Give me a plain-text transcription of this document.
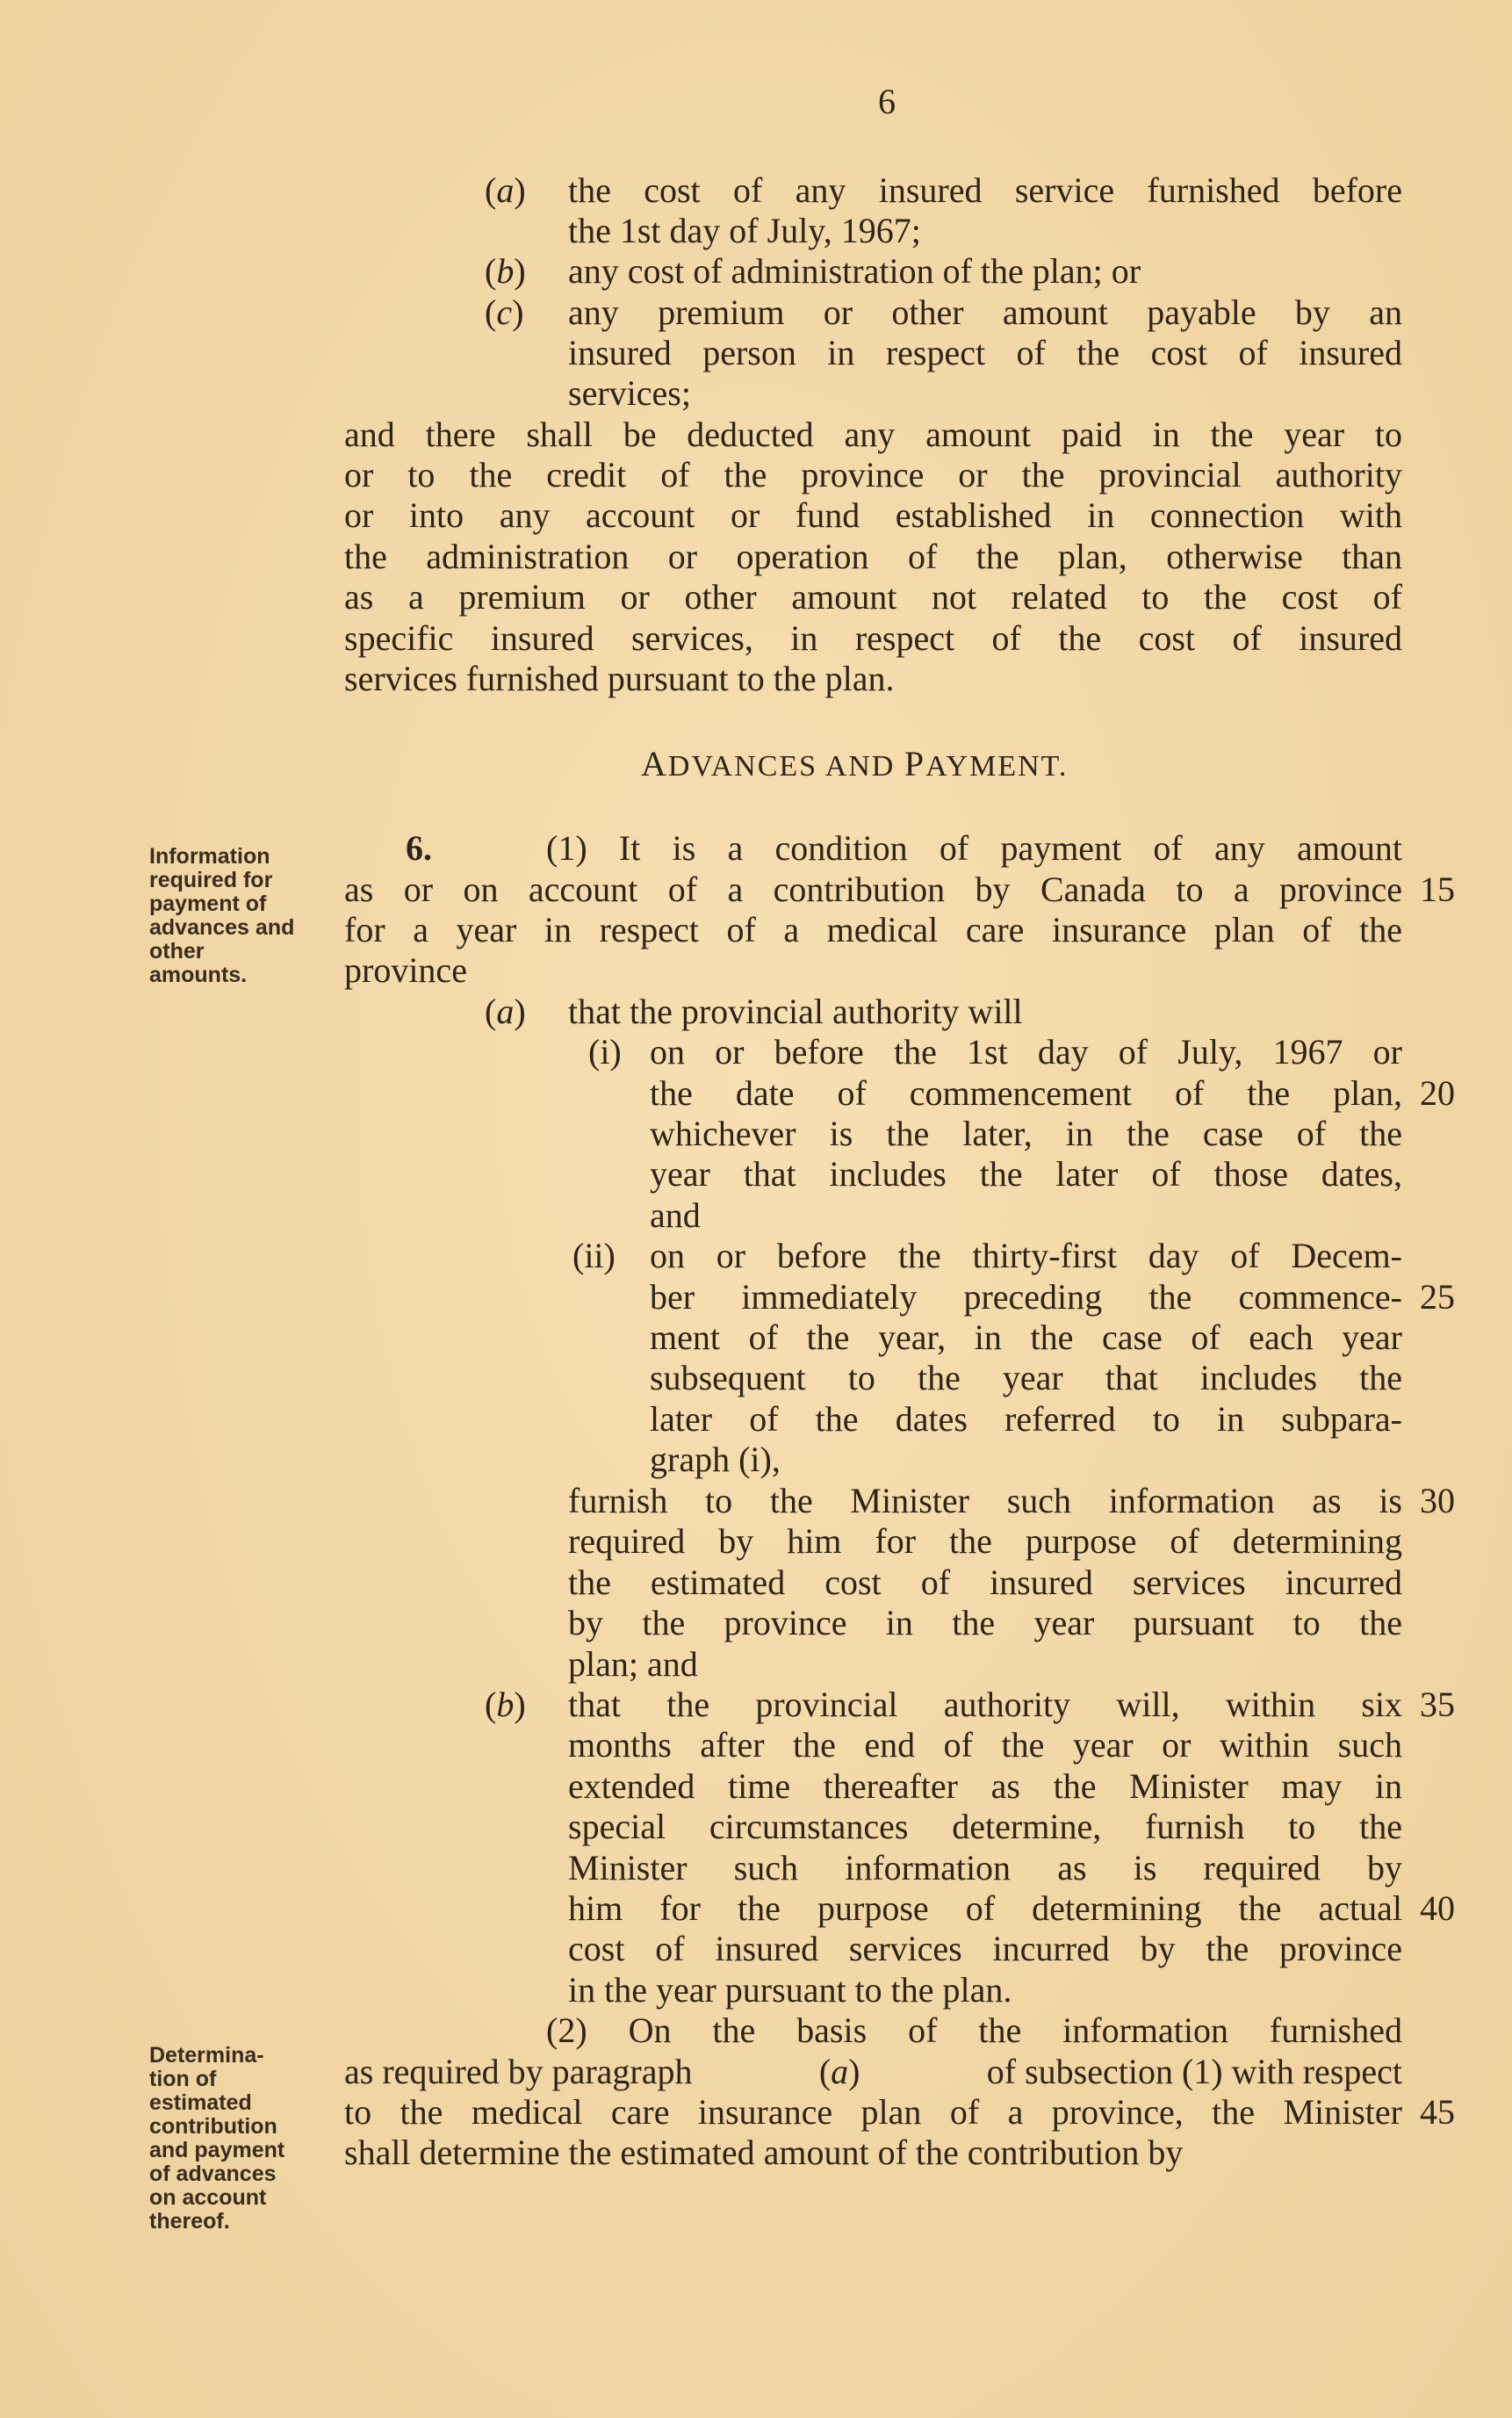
6
(a) the cost of any insured service furnished before
the 1st day of July, 1967;
(b) any cost of administration of the plan; or
(c) any premium or other amount payable by an
insured person in respect of the cost of insured
services;
and there shall be deducted any amount paid in the year to
or to the credit of the province or the provincial authority
or into any account or fund established in connection with
the administration or operation of the plan, otherwise than
as a premium or other amount not related to the cost of
specific insured services, in respect of the cost of insured
services furnished pursuant to the plan.
ADVANCES AND PAYMENT.
Information
required for
payment of
advances and
other
amounts.
Determina-
tion of
estimated
contribution
and payment
of advances
on account
thereof.
6.	(1) It is a condition of payment of any amount
as or on account of a contribution by Canada to a province
for a year in respect of a medical care insurance plan of the
province
(a) that the provincial authority will
(i) on or before the 1st day of July, 1967 or
the date of commencement of the plan,
whichever is the later, in the case of the
year that includes the later of those dates,
and
(ii) on or before the thirty-first day of Decem-
ber immediately preceding the commence-
ment of the year, in the case of each year
subsequent to the year that includes the
later of the dates referred to in subpara-
graph (i),
furnish to the Minister such information as is
required by him for the purpose of determining
the estimated cost of insured services incurred
by the province in the year pursuant to the
plan; and
(b) that the provincial authority will, within six
months after the end of the year or within such
extended time thereafter as the Minister may in
special circumstances determine, furnish to the
Minister such information as is required by
him for the purpose of determining the actual
cost of insured services incurred by the province
in the year pursuant to the plan.
(2) On the basis of the information furnished
as required by paragraph	(a)	of subsection (1) with respect
to the medical care insurance plan of a province, the Minister
shall determine the estimated amount of the contribution by
15
20
25
30
35
40
45
